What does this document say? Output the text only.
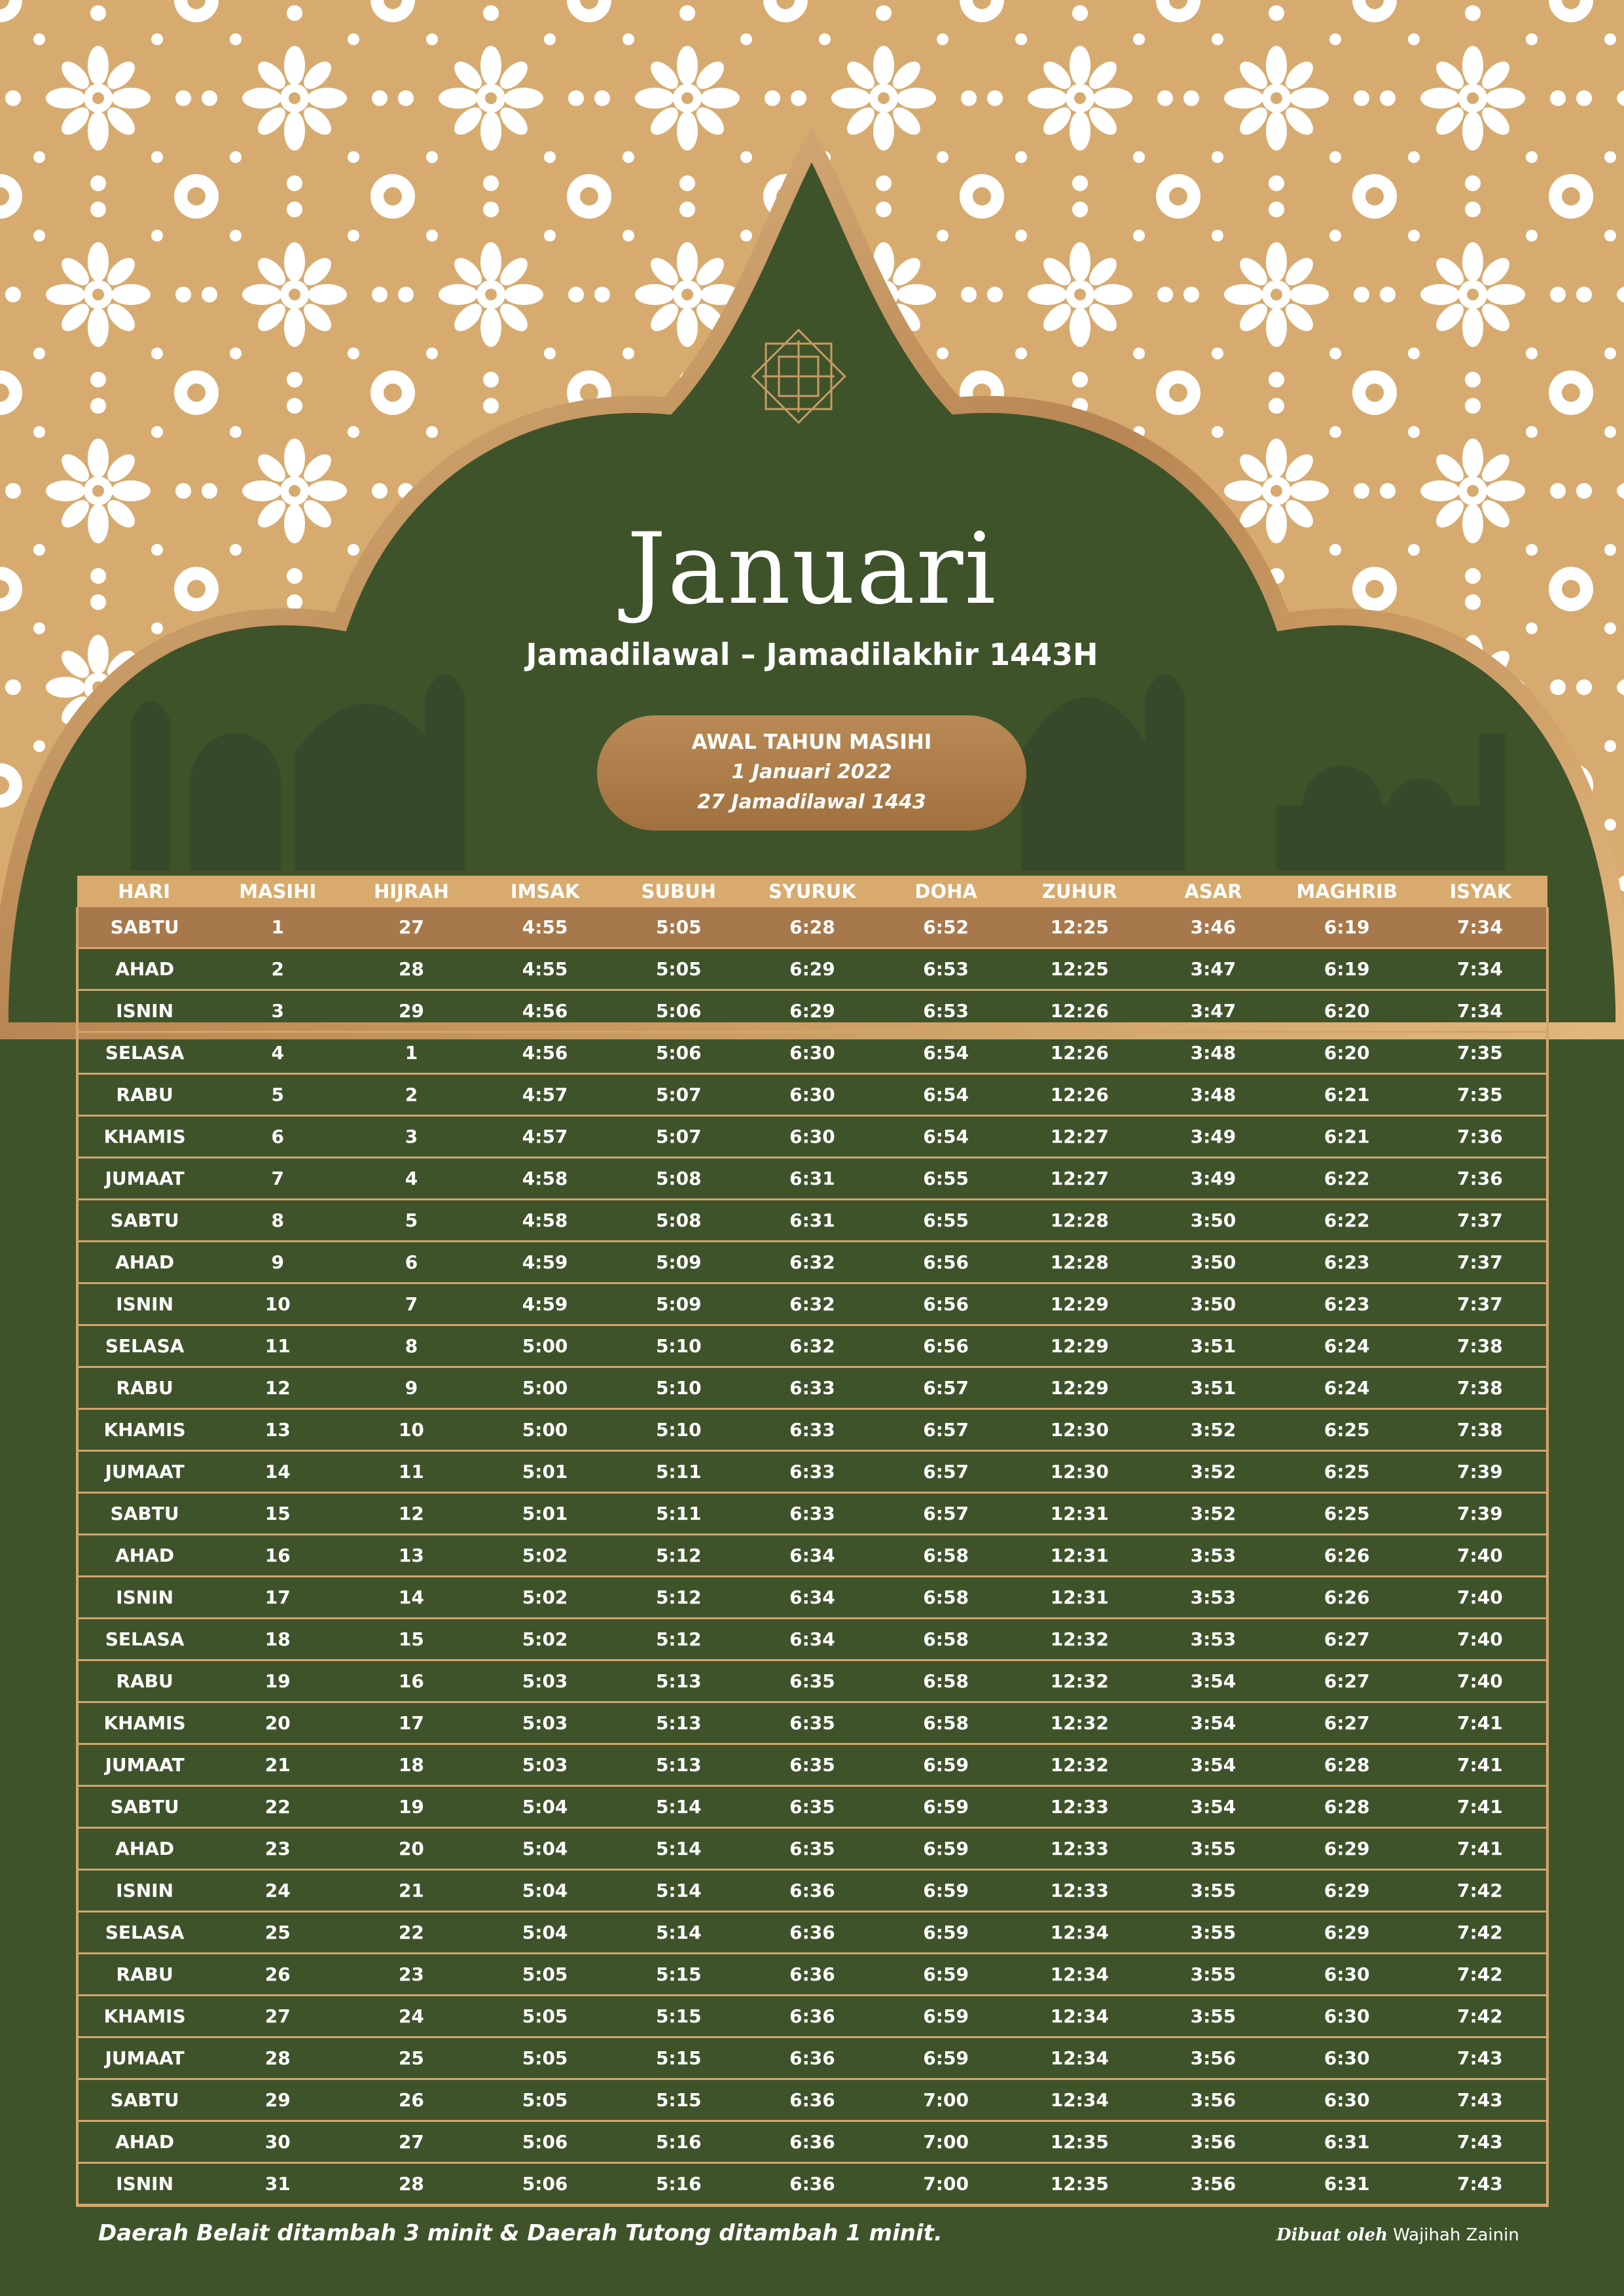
Januari
Jamadilawal – Jamadilakhir 1443H
AWAL TAHUN MASIHI
1 Januari 2022
27 Jamadilawal 1443
HARI	MASIHI	HIJRAH	IMSAK	SUBUH	SYURUK	DOHA	ZUHUR	ASAR	MAGHRIB	ISYAK
SABTU	1	27	4:55	5:05	6:28	6:52	12:25	3:46	6:19	7:34
AHAD	2	28	4:55	5:05	6:29	6:53	12:25	3:47	6:19	7:34
ISNIN	3	29	4:56	5:06	6:29	6:53	12:26	3:47	6:20	7:34
SELASA	4	1	4:56	5:06	6:30	6:54	12:26	3:48	6:20	7:35
RABU	5	2	4:57	5:07	6:30	6:54	12:26	3:48	6:21	7:35
KHAMIS	6	3	4:57	5:07	6:30	6:54	12:27	3:49	6:21	7:36
JUMAAT	7	4	4:58	5:08	6:31	6:55	12:27	3:49	6:22	7:36
SABTU	8	5	4:58	5:08	6:31	6:55	12:28	3:50	6:22	7:37
AHAD	9	6	4:59	5:09	6:32	6:56	12:28	3:50	6:23	7:37
ISNIN	10	7	4:59	5:09	6:32	6:56	12:29	3:50	6:23	7:37
SELASA	11	8	5:00	5:10	6:32	6:56	12:29	3:51	6:24	7:38
RABU	12	9	5:00	5:10	6:33	6:57	12:29	3:51	6:24	7:38
KHAMIS	13	10	5:00	5:10	6:33	6:57	12:30	3:52	6:25	7:38
JUMAAT	14	11	5:01	5:11	6:33	6:57	12:30	3:52	6:25	7:39
SABTU	15	12	5:01	5:11	6:33	6:57	12:31	3:52	6:25	7:39
AHAD	16	13	5:02	5:12	6:34	6:58	12:31	3:53	6:26	7:40
ISNIN	17	14	5:02	5:12	6:34	6:58	12:31	3:53	6:26	7:40
SELASA	18	15	5:02	5:12	6:34	6:58	12:32	3:53	6:27	7:40
RABU	19	16	5:03	5:13	6:35	6:58	12:32	3:54	6:27	7:40
KHAMIS	20	17	5:03	5:13	6:35	6:58	12:32	3:54	6:27	7:41
JUMAAT	21	18	5:03	5:13	6:35	6:59	12:32	3:54	6:28	7:41
SABTU	22	19	5:04	5:14	6:35	6:59	12:33	3:54	6:28	7:41
AHAD	23	20	5:04	5:14	6:35	6:59	12:33	3:55	6:29	7:41
ISNIN	24	21	5:04	5:14	6:36	6:59	12:33	3:55	6:29	7:42
SELASA	25	22	5:04	5:14	6:36	6:59	12:34	3:55	6:29	7:42
RABU	26	23	5:05	5:15	6:36	6:59	12:34	3:55	6:30	7:42
KHAMIS	27	24	5:05	5:15	6:36	6:59	12:34	3:55	6:30	7:42
JUMAAT	28	25	5:05	5:15	6:36	6:59	12:34	3:56	6:30	7:43
SABTU	29	26	5:05	5:15	6:36	7:00	12:34	3:56	6:30	7:43
AHAD	30	27	5:06	5:16	6:36	7:00	12:35	3:56	6:31	7:43
ISNIN	31	28	5:06	5:16	6:36	7:00	12:35	3:56	6:31	7:43
Daerah Belait ditambah 3 minit & Daerah Tutong ditambah 1 minit.	Dibuat oleh Wajihah Zainin
